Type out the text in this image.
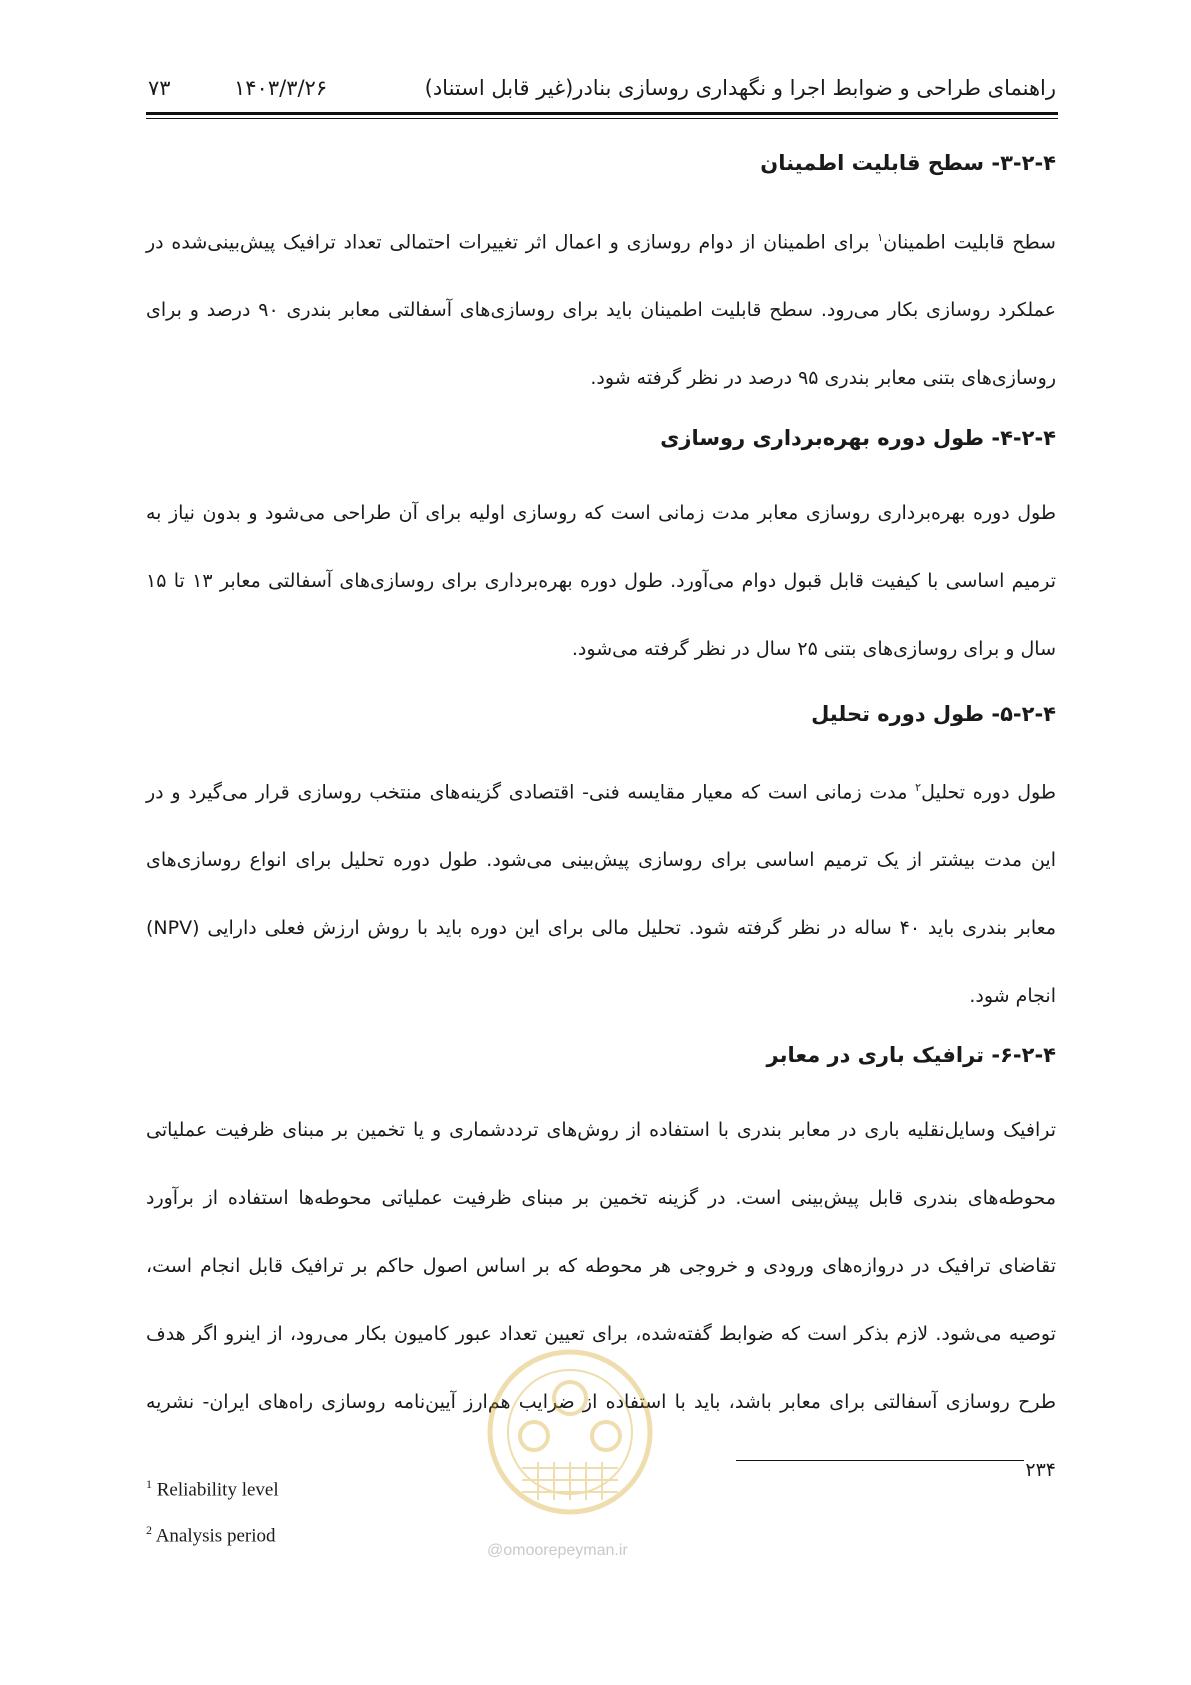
راهنمای طراحی و ضوابط اجرا و نگهداری روسازی بنادر(غیر قابل استناد)
۱۴۰۳/۳/۲۶
۷۳
۳-۲-۴- سطح قابلیت اطمینان

سطح قابلیت اطمینان$^۱$ برای اطمینان از دوام روسازی و اعمال اثر تغییرات احتمالی تعداد ترافیک پیش‌بینی‌شده در عملکرد روسازی بکار می‌رود. سطح قابلیت اطمینان باید برای روسازی‌های آسفالتی معابر بندری ۹۰ درصد و برای روسازی‌های بتنی معابر بندری ۹۵ درصد در نظر گرفته شود.

۴-۲-۴- طول دوره بهره‌برداری روسازی

طول دوره بهره‌برداری روسازی معابر مدت زمانی است که روسازی اولیه برای آن طراحی می‌شود و بدون نیاز به ترمیم اساسی با کیفیت قابل قبول دوام می‌آورد. طول دوره بهره‌برداری برای روسازی‌های آسفالتی معابر ۱۳ تا ۱۵ سال و برای روسازی‌های بتنی ۲۵ سال در نظر گرفته می‌شود.

۵-۲-۴- طول دوره تحلیل

طول دوره تحلیل$^۲$ مدت زمانی است که معیار مقایسه فنی- اقتصادی گزینه‌های منتخب روسازی قرار می‌گیرد و در این مدت بیشتر از یک ترمیم اساسی برای روسازی پیش‌بینی می‌شود. طول دوره تحلیل برای انواع روسازی‌های معابر بندری باید ۴۰ ساله در نظر گرفته شود. تحلیل مالی برای این دوره باید با روش ارزش فعلی دارایی (NPV) انجام شود.

۶-۲-۴- ترافیک باری در معابر

ترافیک وسایل‌نقلیه باری در معابر بندری با استفاده از روش‌های ترددشماری و یا تخمین بر مبنای ظرفیت عملیاتی محوطه‌های بندری قابل پیش‌بینی است. در گزینه تخمین بر مبنای ظرفیت عملیاتی محوطه‌ها استفاده از برآورد تقاضای ترافیک در دروازه‌های ورودی و خروجی هر محوطه که بر اساس اصول حاکم بر ترافیک قابل انجام است، توصیه می‌شود. لازم بذکر است که ضوابط گفته‌شده، برای تعیین تعداد عبور کامیون بکار می‌رود، از اینرو اگر هدف طرح روسازی آسفالتی برای معابر باشد، باید با استفاده از ضرایب هم‌ارز آیین‌نامه روسازی راه‌های ایران- نشریه ۲۳۴

@omoorepeyman.ir
$^1$ Reliability level
$^2$ Analysis period
